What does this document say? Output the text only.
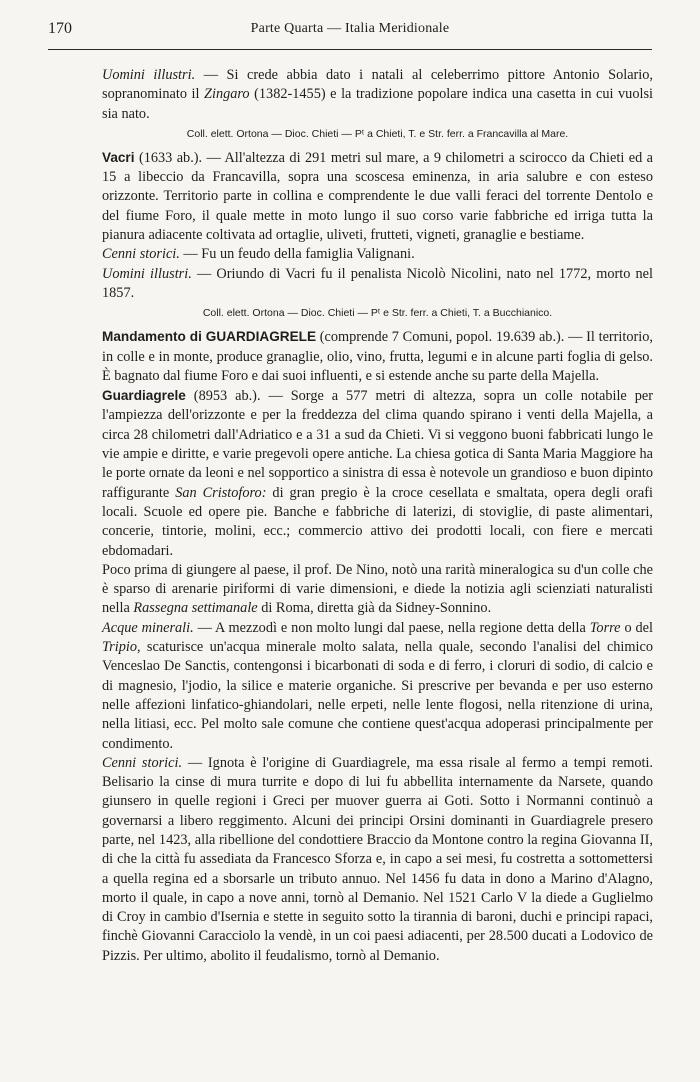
170	Parte Quarta — Italia Meridionale

Uomini illustri. — Si crede abbia dato i natali al celeberrimo pittore Antonio Solario, sopranominato il Zingaro (1382-1455) e la tradizione popolare indica una casetta in cui vuolsi sia nato.

Coll. elett. Ortona — Dioc. Chieti — Pᵗ a Chieti, T. e Str. ferr. a Francavilla al Mare.

Vacri (1633 ab.). — All'altezza di 291 metri sul mare, a 9 chilometri a scirocco da Chieti ed a 15 a libeccio da Francavilla, sopra una scoscesa eminenza, in aria salubre e con esteso orizzonte. Territorio parte in collina e comprendente le due valli feraci del torrente Dentolo e del fiume Foro, il quale mette in moto lungo il suo corso varie fabbriche ed irriga tutta la pianura adiacente coltivata ad ortaglie, uliveti, frutteti, vigneti, granaglie e bestiame.

Cenni storici. — Fu un feudo della famiglia Valignani.

Uomini illustri. — Oriundo di Vacri fu il penalista Nicolò Nicolini, nato nel 1772, morto nel 1857.

Coll. elett. Ortona — Dioc. Chieti — Pᵗ e Str. ferr. a Chieti, T. a Bucchianico.

Mandamento di GUARDIAGRELE (comprende 7 Comuni, popol. 19.639 ab.). — Il territorio, in colle e in monte, produce granaglie, olio, vino, frutta, legumi e in alcune parti foglia di gelso. È bagnato dal fiume Foro e dai suoi influenti, e si estende anche su parte della Majella.

Guardiagrele (8953 ab.). — Sorge a 577 metri di altezza, sopra un colle notabile per l'ampiezza dell'orizzonte e per la freddezza del clima quando spirano i venti della Majella, a circa 28 chilometri dall'Adriatico e a 31 a sud da Chieti. Vi si veggono buoni fabbricati lungo le vie ampie e diritte, e varie pregevoli opere antiche. La chiesa gotica di Santa Maria Maggiore ha le porte ornate da leoni e nel sopportico a sinistra di essa è notevole un grandioso e buon dipinto raffigurante San Cristoforo: di gran pregio è la croce cesellata e smaltata, opera degli orafi locali. Scuole ed opere pie. Banche e fabbriche di laterizi, di stoviglie, di paste alimentari, concerie, tintorie, molini, ecc.; commercio attivo dei prodotti locali, con fiere e mercati ebdomadari.

Poco prima di giungere al paese, il prof. De Nino, notò una rarità mineralogica su d'un colle che è sparso di arenarie piriformi di varie dimensioni, e diede la notizia agli scienziati naturalisti nella Rassegna settimanale di Roma, diretta già da Sidney-Sonnino.

Acque minerali. — A mezzodì e non molto lungi dal paese, nella regione detta della Torre o del Tripio, scaturisce un'acqua minerale molto salata, nella quale, secondo l'analisi del chimico Venceslao De Sanctis, contengonsi i bicarbonati di soda e di ferro, i cloruri di sodio, di calcio e di magnesio, l'jodio, la silice e materie organiche. Si prescrive per bevanda e per uso esterno nelle affezioni linfatico-ghiandolari, nelle erpeti, nelle lente flogosi, nella ritenzione di urina, nella litiasi, ecc. Pel molto sale comune che contiene quest'acqua adoperasi principalmente per condimento.

Cenni storici. — Ignota è l'origine di Guardiagrele, ma essa risale al fermo a tempi remoti. Belisario la cinse di mura turrite e dopo di lui fu abbellita internamente da Narsete, quando giunsero in quelle regioni i Greci per muover guerra ai Goti. Sotto i Normanni continuò a governarsi a libero reggimento. Alcuni dei principi Orsini dominanti in Guardiagrele presero parte, nel 1423, alla ribellione del condottiere Braccio da Montone contro la regina Giovanna II, di che la città fu assediata da Francesco Sforza e, in capo a sei mesi, fu costretta a sottomettersi a quella regina ed a sborsarle un tributo annuo. Nel 1456 fu data in dono a Marino d'Alagno, morto il quale, in capo a nove anni, tornò al Demanio. Nel 1521 Carlo V la diede a Guglielmo di Croy in cambio d'Isernia e stette in seguito sotto la tirannia di baroni, duchi e principi rapaci, finchè Giovanni Caracciolo la vendè, in un coi paesi adiacenti, per 28.500 ducati a Lodovico de Pizzis. Per ultimo, abolito il feudalismo, tornò al Demanio.
